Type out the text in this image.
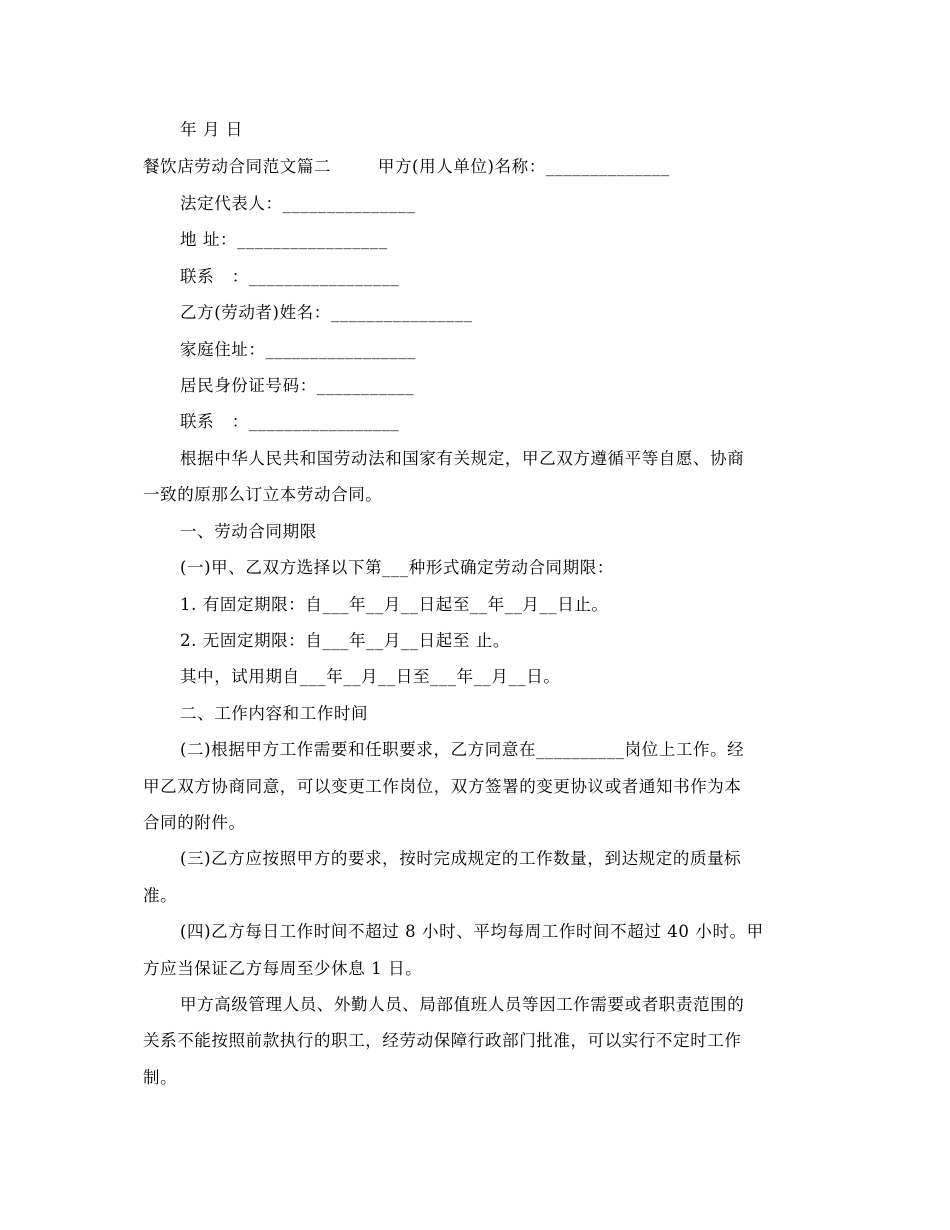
年 月 日
餐饮店劳动合同范文篇二        甲方(用人单位)名称：______________
法定代表人：_______________
地 址：_________________
联系   ：_________________
乙方(劳动者)姓名：________________
家庭住址：_________________
居民身份证号码：___________
联系   ：_________________
根据中华人民共和国劳动法和国家有关规定，甲乙双方遵循平等自愿、协商
一致的原那么订立本劳动合同。
一、劳动合同期限
(一)甲、乙双方选择以下第___种形式确定劳动合同期限：
1. 有固定期限：自___年__月__日起至__年__月__日止。
2. 无固定期限：自___年__月__日起至 止。
其中，试用期自___年__月__日至___年__月__日。
二、工作内容和工作时间
(二)根据甲方工作需要和任职要求，乙方同意在__________岗位上工作。经
甲乙双方协商同意，可以变更工作岗位，双方签署的变更协议或者通知书作为本
合同的附件。
(三)乙方应按照甲方的要求，按时完成规定的工作数量，到达规定的质量标
准。
(四)乙方每日工作时间不超过 8 小时、平均每周工作时间不超过 40 小时。甲
方应当保证乙方每周至少休息 1 日。
甲方高级管理人员、外勤人员、局部值班人员等因工作需要或者职责范围的
关系不能按照前款执行的职工，经劳动保障行政部门批准，可以实行不定时工作
制。
